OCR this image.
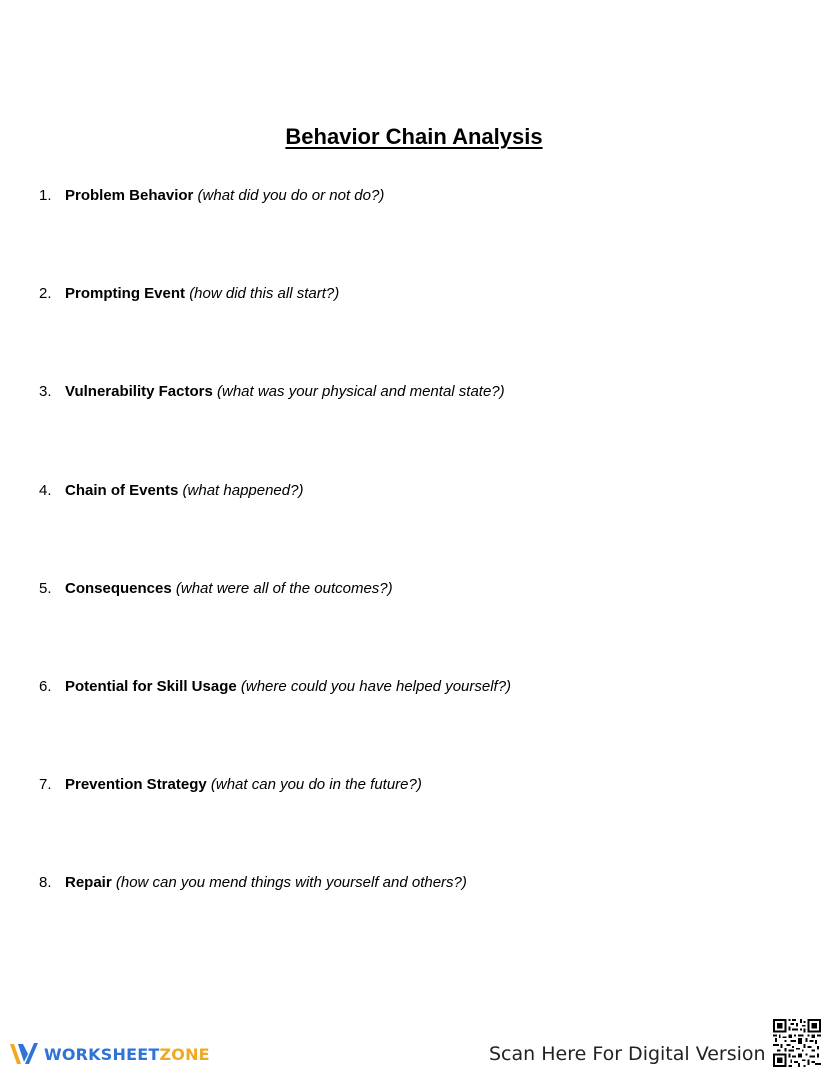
Behavior Chain Analysis
1. Problem Behavior (what did you do or not do?)
2. Prompting Event (how did this all start?)
3. Vulnerability Factors (what was your physical and mental state?)
4. Chain of Events (what happened?)
5. Consequences (what were all of the outcomes?)
6. Potential for Skill Usage (where could you have helped yourself?)
7. Prevention Strategy (what can you do in the future?)
8. Repair (how can you mend things with yourself and others?)
WORKSHEETZONE	Scan Here For Digital Version
